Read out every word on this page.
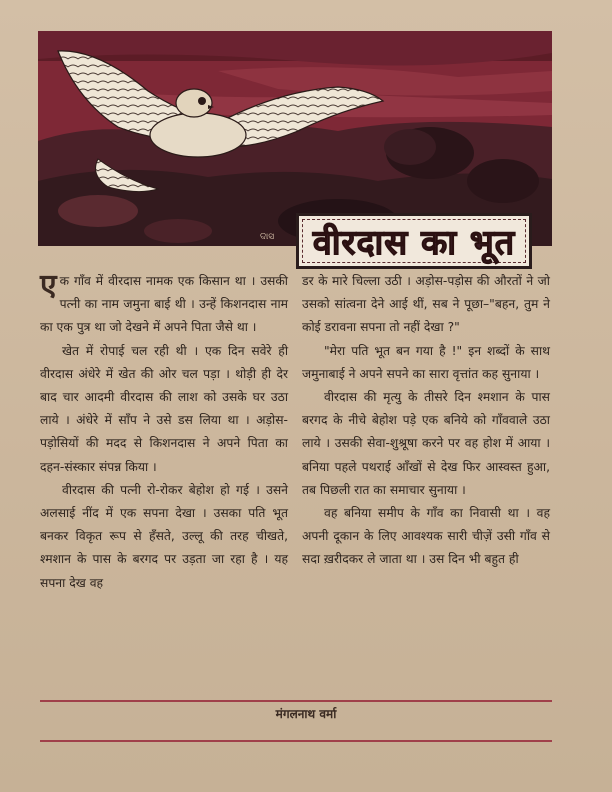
ଦାସ वीरदास का भूत

एक गाँव में वीरदास नामक एक किसान था । उसकी पत्नी का नाम जमुना बाई थी । उन्हें किशनदास नाम का एक पुत्र था जो देखने में अपने पिता जैसे था ।

खेत में रोपाई चल रही थी । एक दिन सवेरे ही वीरदास अंधेरे में खेत की ओर चल पड़ा । थोड़ी ही देर बाद चार आदमी वीरदास की लाश को उसके घर उठा लाये । अंधेरे में साँप ने उसे डस लिया था । अड़ोस-पड़ोसियों की मदद से किशनदास ने अपने पिता का दहन-संस्कार संपन्न किया ।

वीरदास की पत्नी रो-रोकर बेहोश हो गई । उसने अलसाई नींद में एक सपना देखा । उसका पति भूत बनकर विकृत रूप से हँसते, उल्लू की तरह चीखते, श्मशान के पास के बरगद पर उड़ता जा रहा है । यह सपना देख वह

डर के मारे चिल्ला उठी । अड़ोस-पड़ोस की औरतों ने जो उसको सांत्वना देने आई थीं, सब ने पूछा–"बहन, तुम ने कोई डरावना सपना तो नहीं देखा ?"

"मेरा पति भूत बन गया है !" इन शब्दों के साथ जमुनाबाई ने अपने सपने का सारा वृत्तांत कह सुनाया ।

वीरदास की मृत्यु के तीसरे दिन श्मशान के पास बरगद के नीचे बेहोश पड़े एक बनिये को गाँववाले उठा लाये । उसकी सेवा-शुश्रूषा करने पर वह होश में आया । बनिया पहले पथराई आँखों से देख फिर आस्वस्त हुआ, तब पिछली रात का समाचार सुनाया ।

वह बनिया समीप के गाँव का निवासी था । वह अपनी दूकान के लिए आवश्यक सारी चीज़ें उसी गाँव से सदा ख़रीदकर ले जाता था । उस दिन भी बहुत ही

मंगलनाथ वर्मा
